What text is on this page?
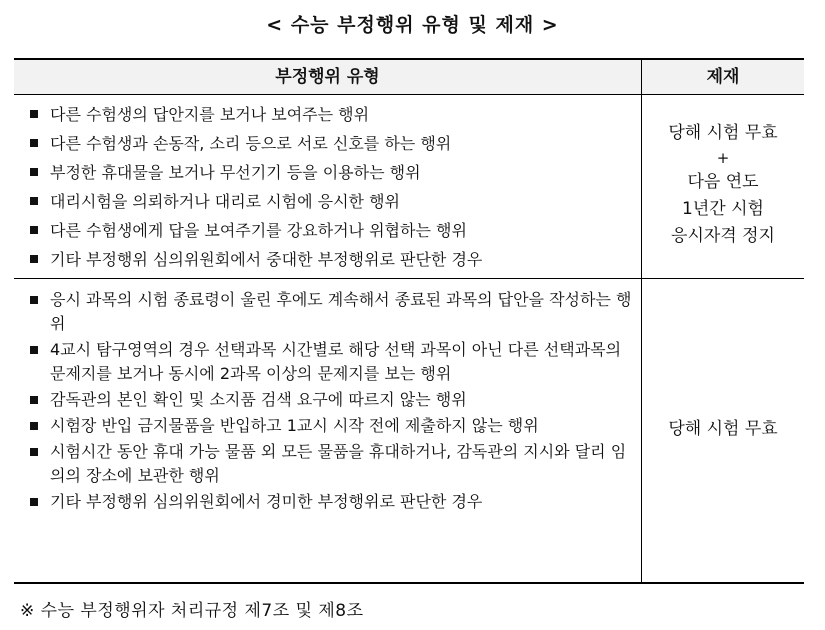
< 수능 부정행위 유형 및 제재 >
부정행위 유형	제재
다른 수험생의 답안지를 보거나 보여주는 행위
다른 수험생과 손동작, 소리 등으로 서로 신호를 하는 행위
부정한 휴대물을 보거나 무선기기 등을 이용하는 행위
대리시험을 의뢰하거나 대리로 시험에 응시한 행위
다른 수험생에게 답을 보여주기를 강요하거나 위협하는 행위
기타 부정행위 심의위원회에서 중대한 부정행위로 판단한 경우
당해 시험 무효
+
다음 연도
1년간 시험
응시자격 정지
응시 과목의 시험 종료령이 울린 후에도 계속해서 종료된 과목의 답안을 작성하는 행위
4교시 탐구영역의 경우 선택과목 시간별로 해당 선택 과목이 아닌 다른 선택과목의 문제지를 보거나 동시에 2과목 이상의 문제지를 보는 행위
감독관의 본인 확인 및 소지품 검색 요구에 따르지 않는 행위
시험장 반입 금지물품을 반입하고 1교시 시작 전에 제출하지 않는 행위
시험시간 동안 휴대 가능 물품 외 모든 물품을 휴대하거나, 감독관의 지시와 달리 임의의 장소에 보관한 행위
기타 부정행위 심의위원회에서 경미한 부정행위로 판단한 경우
당해 시험 무효
※ 수능 부정행위자 처리규정 제7조 및 제8조
